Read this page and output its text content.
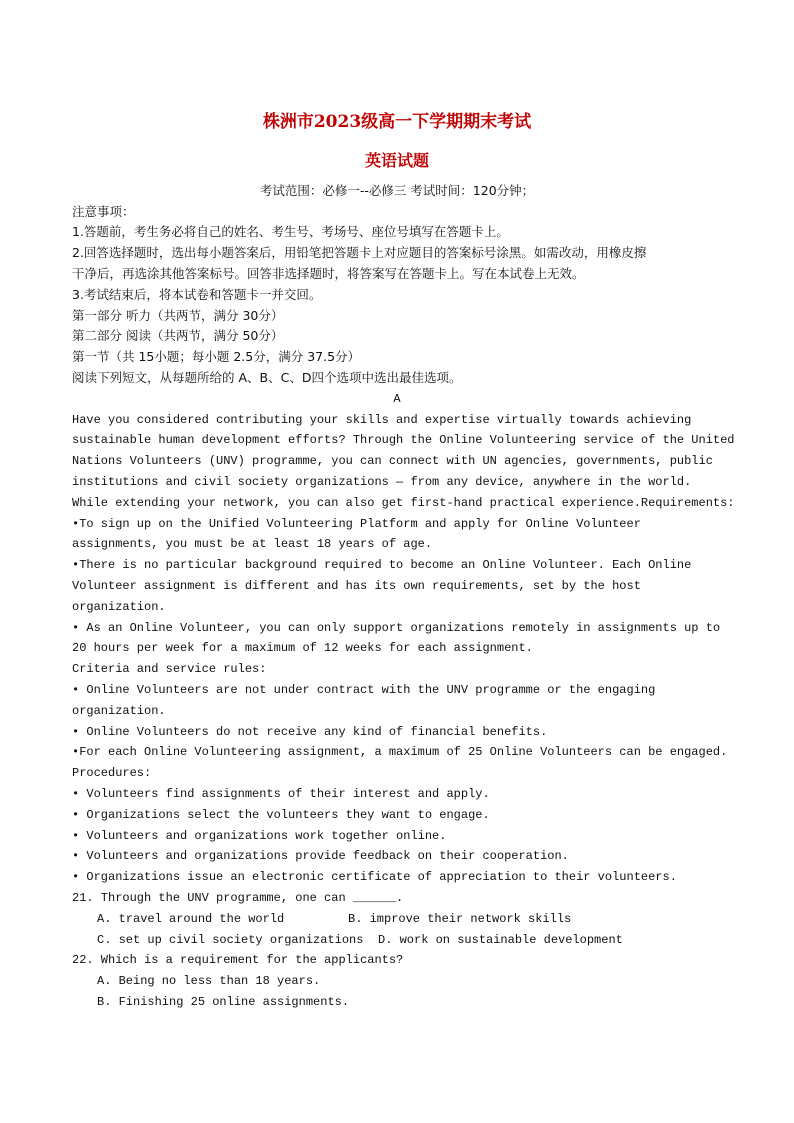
株洲市2023级高一下学期期末考试
英语试题
考试范围：必修一--必修三 考试时间：120分钟；
注意事项：
1.答题前，考生务必将自己的姓名、考生号、考场号、座位号填写在答题卡上。
2.回答选择题时，选出每小题答案后，用铅笔把答题卡上对应题目的答案标号涂黑。如需改动，用橡皮擦
干净后，再选涂其他答案标号。回答非选择题时，将答案写在答题卡上。写在本试卷上无效。
3.考试结束后，将本试卷和答题卡一并交回。
第一部分 听力（共两节，满分 30分）
第二部分 阅读（共两节，满分 50分）
第一节（共 15小题；每小题 2.5分，满分 37.5分）
阅读下列短文，从每题所给的 A、B、C、D四个选项中选出最佳选项。
A
Have you considered contributing your skills and expertise virtually towards achieving
sustainable human development efforts? Through the Online Volunteering service of the United
Nations Volunteers (UNV) programme, you can connect with UN agencies, governments, public
institutions and civil society organizations — from any device, anywhere in the world.
While extending your network, you can also get first-hand practical experience.Requirements:
•To sign up on the Unified Volunteering Platform and apply for Online Volunteer
assignments, you must be at least 18 years of age.
•There is no particular background required to become an Online Volunteer. Each Online
Volunteer assignment is different and has its own requirements, set by the host
organization.
• As an Online Volunteer, you can only support organizations remotely in assignments up to
20 hours per week for a maximum of 12 weeks for each assignment.
Criteria and service rules:
• Online Volunteers are not under contract with the UNV programme or the engaging
organization.
• Online Volunteers do not receive any kind of financial benefits.
•For each Online Volunteering assignment, a maximum of 25 Online Volunteers can be engaged.
Procedures:
• Volunteers find assignments of their interest and apply.
• Organizations select the volunteers they want to engage.
• Volunteers and organizations work together online.
• Volunteers and organizations provide feedback on their cooperation.
• Organizations issue an electronic certificate of appreciation to their volunteers.
21. Through the UNV programme, one can ______.
A. travel around the world	B. improve their network skills
C. set up civil society organizations D. work on sustainable development
22. Which is a requirement for the applicants?
A. Being no less than 18 years.
B. Finishing 25 online assignments.
